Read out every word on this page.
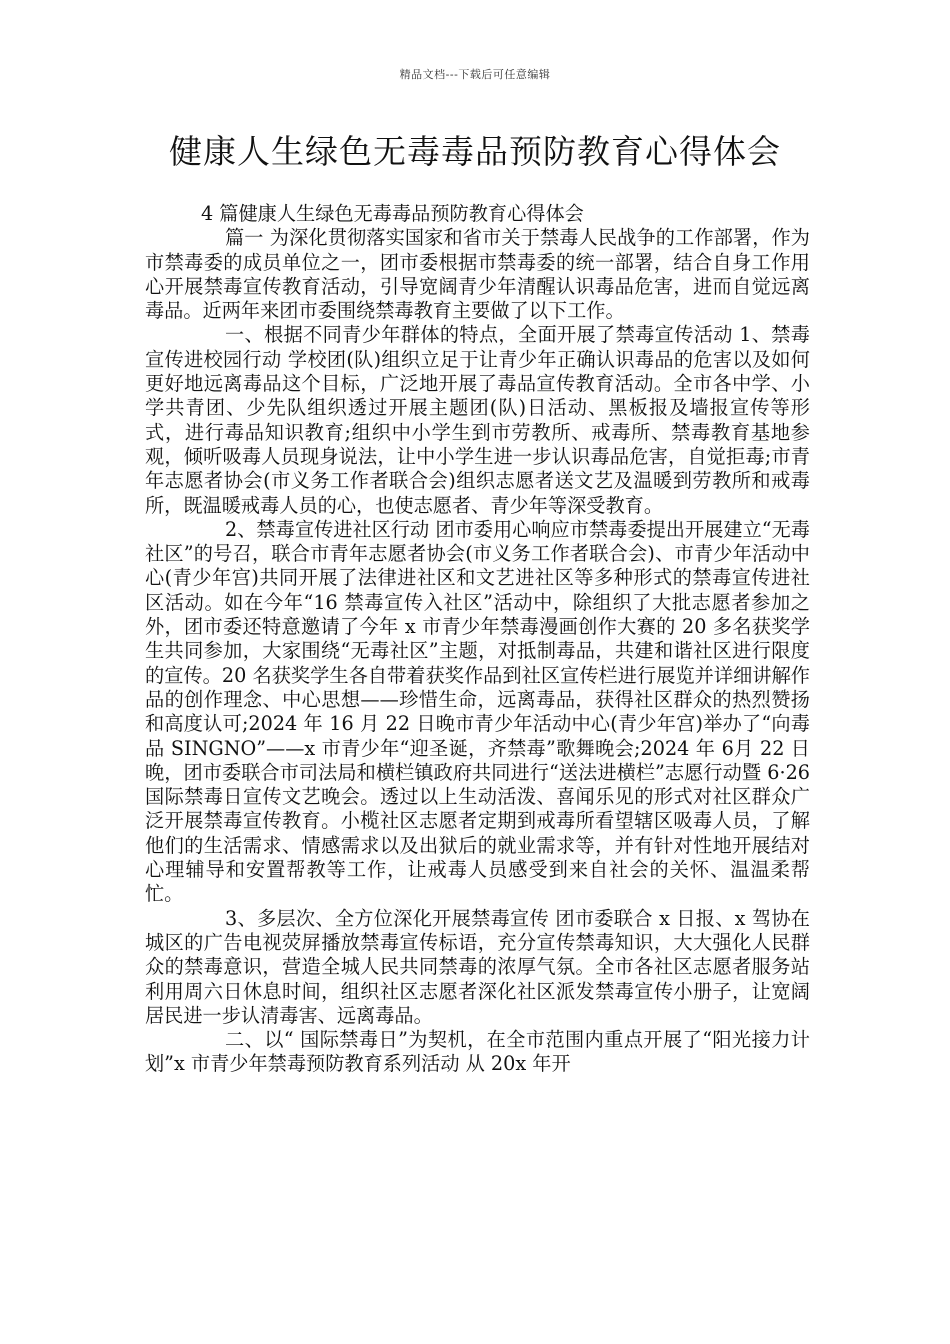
精品文档---下载后可任意编辑
健康人生绿色无毒毒品预防教育心得体会

4 篇健康人生绿色无毒毒品预防教育心得体会

篇一 为深化贯彻落实国家和省市关于禁毒人民战争的工作部署，作为市禁毒委的成员单位之一，团市委根据市禁毒委的统一部署，结合自身工作用心开展禁毒宣传教育活动，引导宽阔青少年清醒认识毒品危害，进而自觉远离毒品。近两年来团市委围绕禁毒教育主要做了以下工作。

一、根据不同青少年群体的特点，全面开展了禁毒宣传活动 1、禁毒宣传进校园行动 学校团(队)组织立足于让青少年正确认识毒品的危害以及如何更好地远离毒品这个目标，广泛地开展了毒品宣传教育活动。全市各中学、小学共青团、少先队组织透过开展主题团(队)日活动、黑板报及墙报宣传等形式，进行毒品知识教育;组织中小学生到市劳教所、戒毒所、禁毒教育基地参观，倾听吸毒人员现身说法，让中小学生进一步认识毒品危害，自觉拒毒;市青年志愿者协会(市义务工作者联合会)组织志愿者送文艺及温暖到劳教所和戒毒所，既温暖戒毒人员的心，也使志愿者、青少年等深受教育。

2、禁毒宣传进社区行动 团市委用心响应市禁毒委提出开展建立“无毒社区”的号召，联合市青年志愿者协会(市义务工作者联合会)、市青少年活动中心(青少年宫)共同开展了法律进社区和文艺进社区等多种形式的禁毒宣传进社区活动。如在今年“16 禁毒宣传入社区”活动中，除组织了大批志愿者参加之外，团市委还特意邀请了今年 x 市青少年禁毒漫画创作大赛的 20 多名获奖学生共同参加，大家围绕“无毒社区”主题，对抵制毒品，共建和谐社区进行限度的宣传。20 名获奖学生各自带着获奖作品到社区宣传栏进行展览并详细讲解作品的创作理念、中心思想——珍惜生命，远离毒品，获得社区群众的热烈赞扬和高度认可;2024 年 16 月 22 日晚市青少年活动中心(青少年宫)举办了“向毒品 SINGNO”——x 市青少年“迎圣诞，齐禁毒”歌舞晚会;2024 年 6月 22 日晚，团市委联合市司法局和横栏镇政府共同进行“送法进横栏”志愿行动暨 6·26 国际禁毒日宣传文艺晚会。透过以上生动活泼、喜闻乐见的形式对社区群众广泛开展禁毒宣传教育。小榄社区志愿者定期到戒毒所看望辖区吸毒人员，了解他们的生活需求、情感需求以及出狱后的就业需求等，并有针对性地开展结对心理辅导和安置帮教等工作，让戒毒人员感受到来自社会的关怀、温温柔帮忙。

3、多层次、全方位深化开展禁毒宣传 团市委联合 x 日报、x 驾协在城区的广告电视荧屏播放禁毒宣传标语，充分宣传禁毒知识，大大强化人民群众的禁毒意识，营造全城人民共同禁毒的浓厚气氛。全市各社区志愿者服务站利用周六日休息时间，组织社区志愿者深化社区派发禁毒宣传小册子，让宽阔居民进一步认清毒害、远离毒品。

二、以“ 国际禁毒日”为契机，在全市范围内重点开展了“阳光接力计划”x 市青少年禁毒预防教育系列活动 从 20x 年开
